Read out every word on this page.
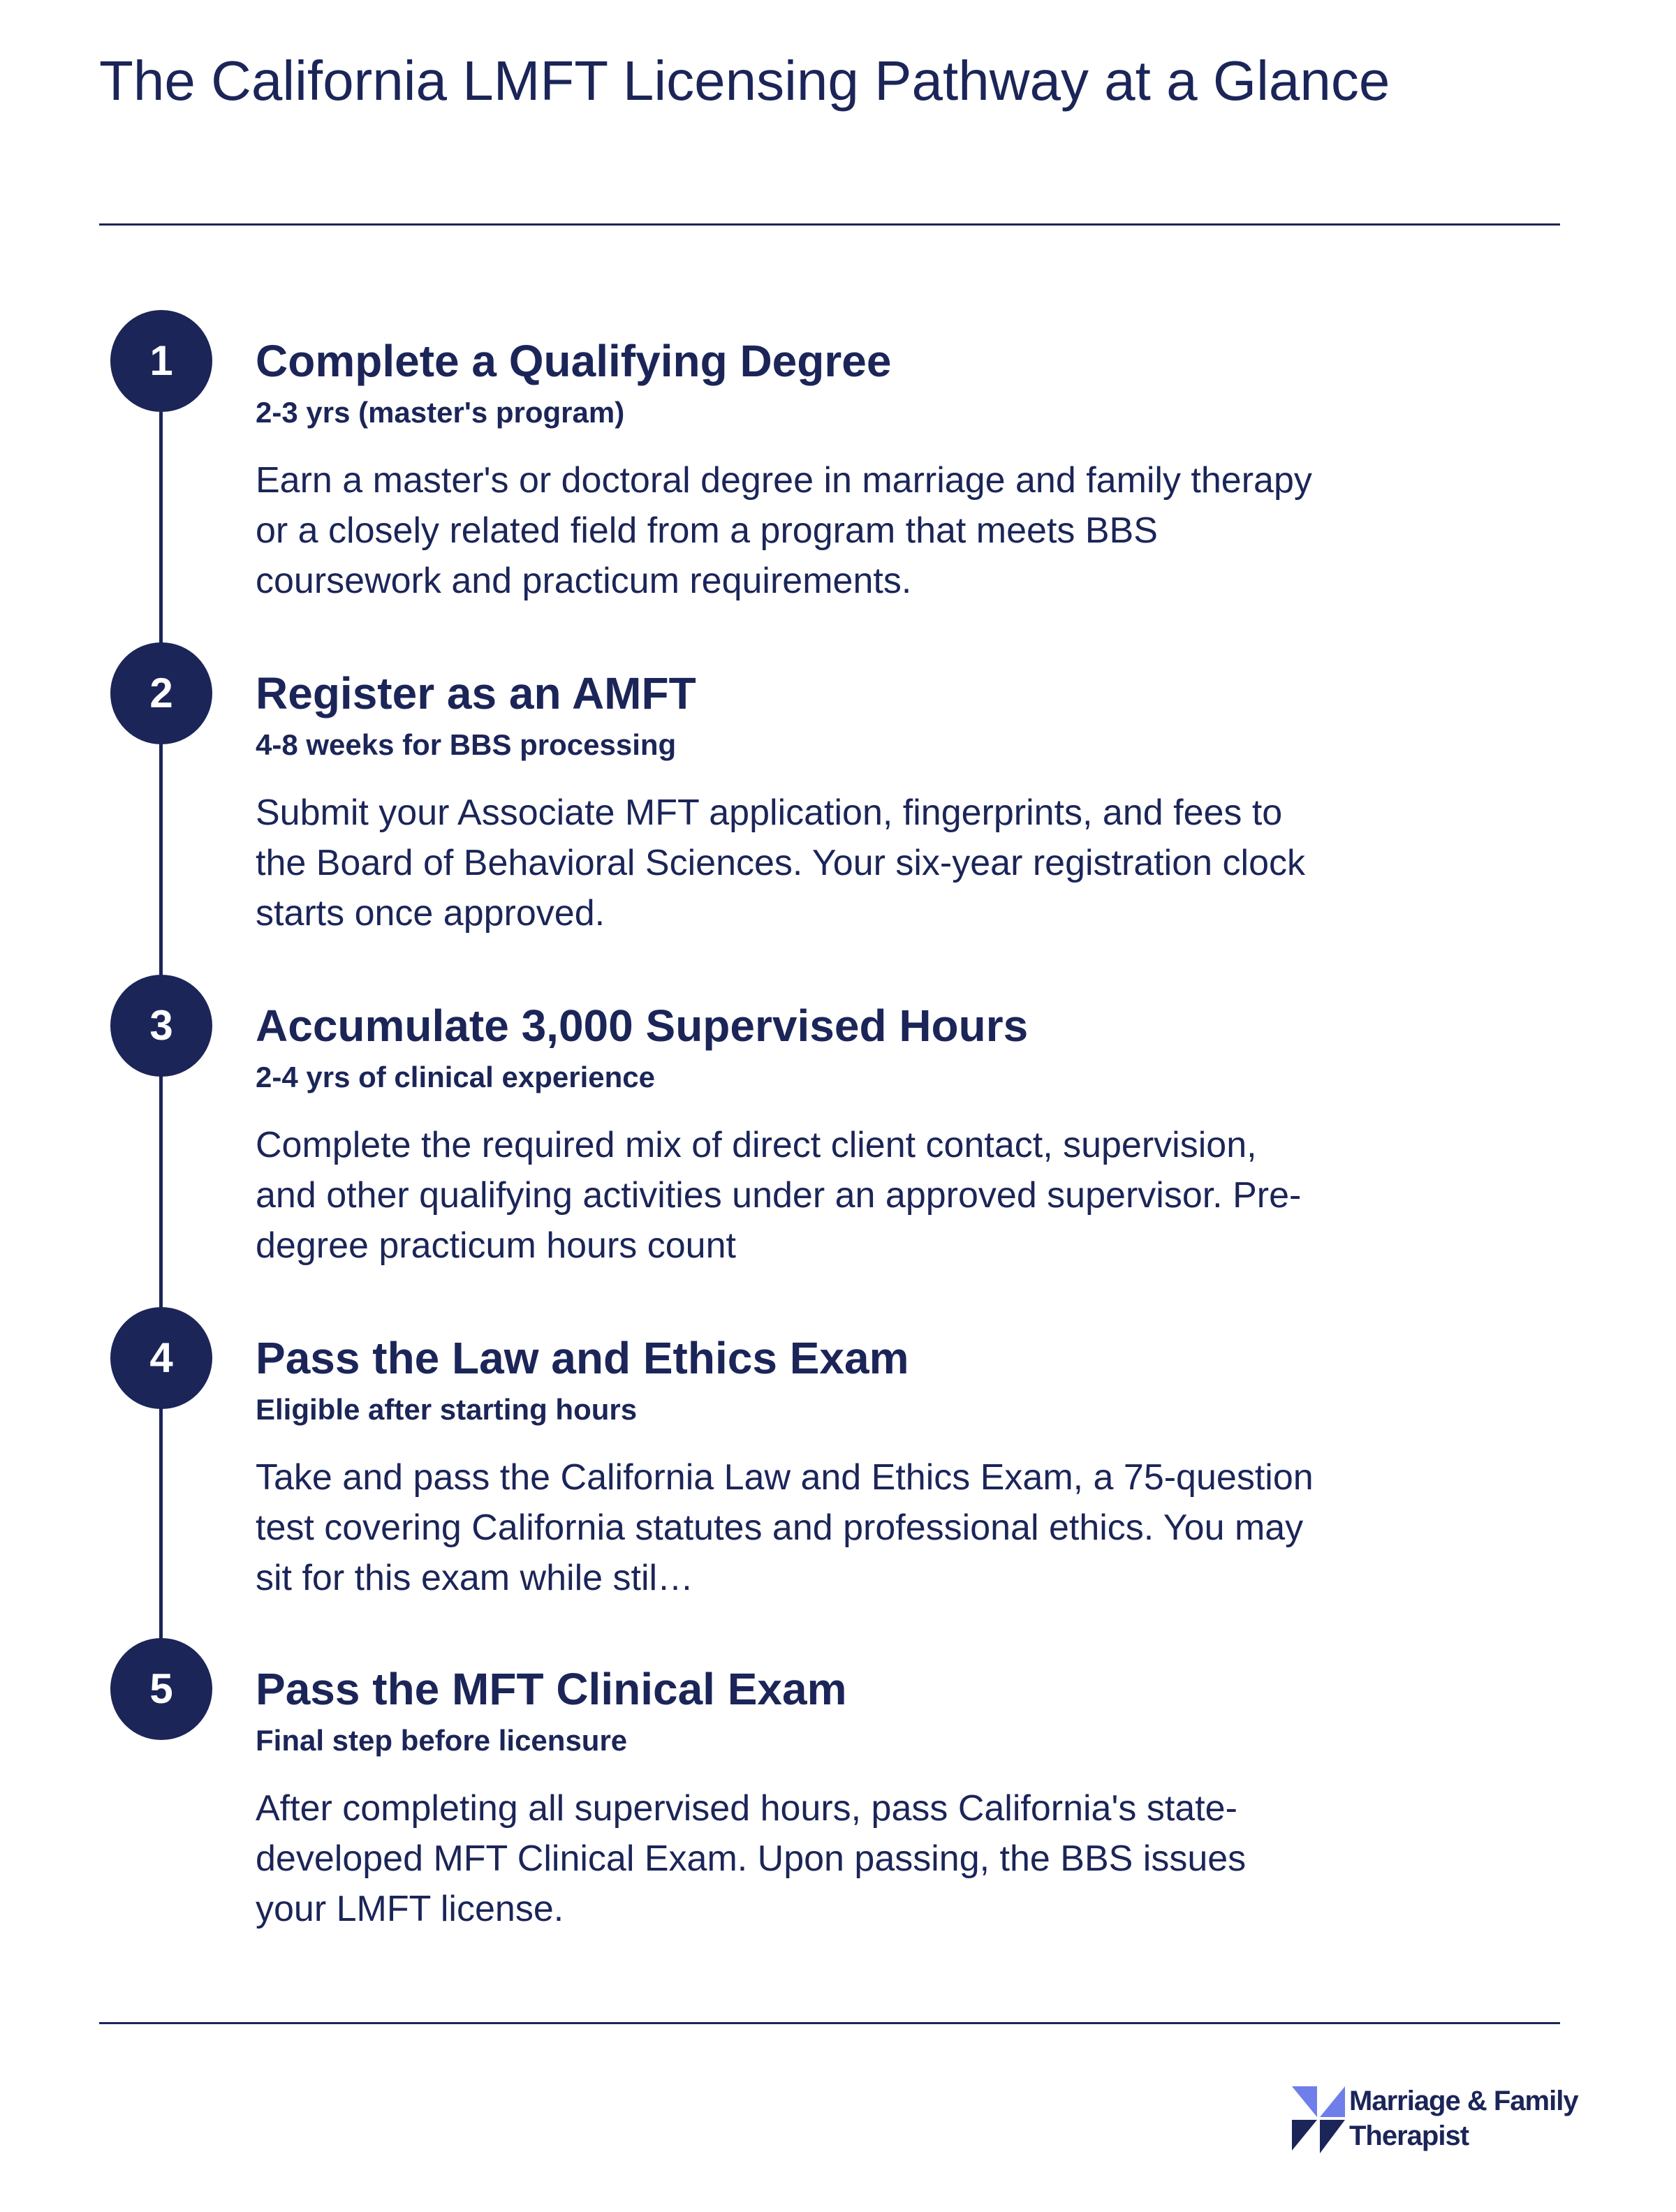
The California LMFT Licensing Pathway at a Glance
1	Complete a Qualifying Degree

2-3 yrs (master's program)

Earn a master's or doctoral degree in marriage and family therapy or a closely related field from a program that meets BBS coursework and practicum requirements.

2	Register as an AMFT

4-8 weeks for BBS processing

Submit your Associate MFT application, fingerprints, and fees to the Board of Behavioral Sciences. Your six-year registration clock starts once approved.

3	Accumulate 3,000 Supervised Hours

2-4 yrs of clinical experience

Complete the required mix of direct client contact, supervision, and other qualifying activities under an approved supervisor. Pre-degree practicum hours count

4	Pass the Law and Ethics Exam

Eligible after starting hours

Take and pass the California Law and Ethics Exam, a 75-question test covering California statutes and professional ethics. You may sit for this exam while stil…

5	Pass the MFT Clinical Exam

Final step before licensure

After completing all supervised hours, pass California's state-developed MFT Clinical Exam. Upon passing, the BBS issues your LMFT license.

Marriage & Family
Therapist
